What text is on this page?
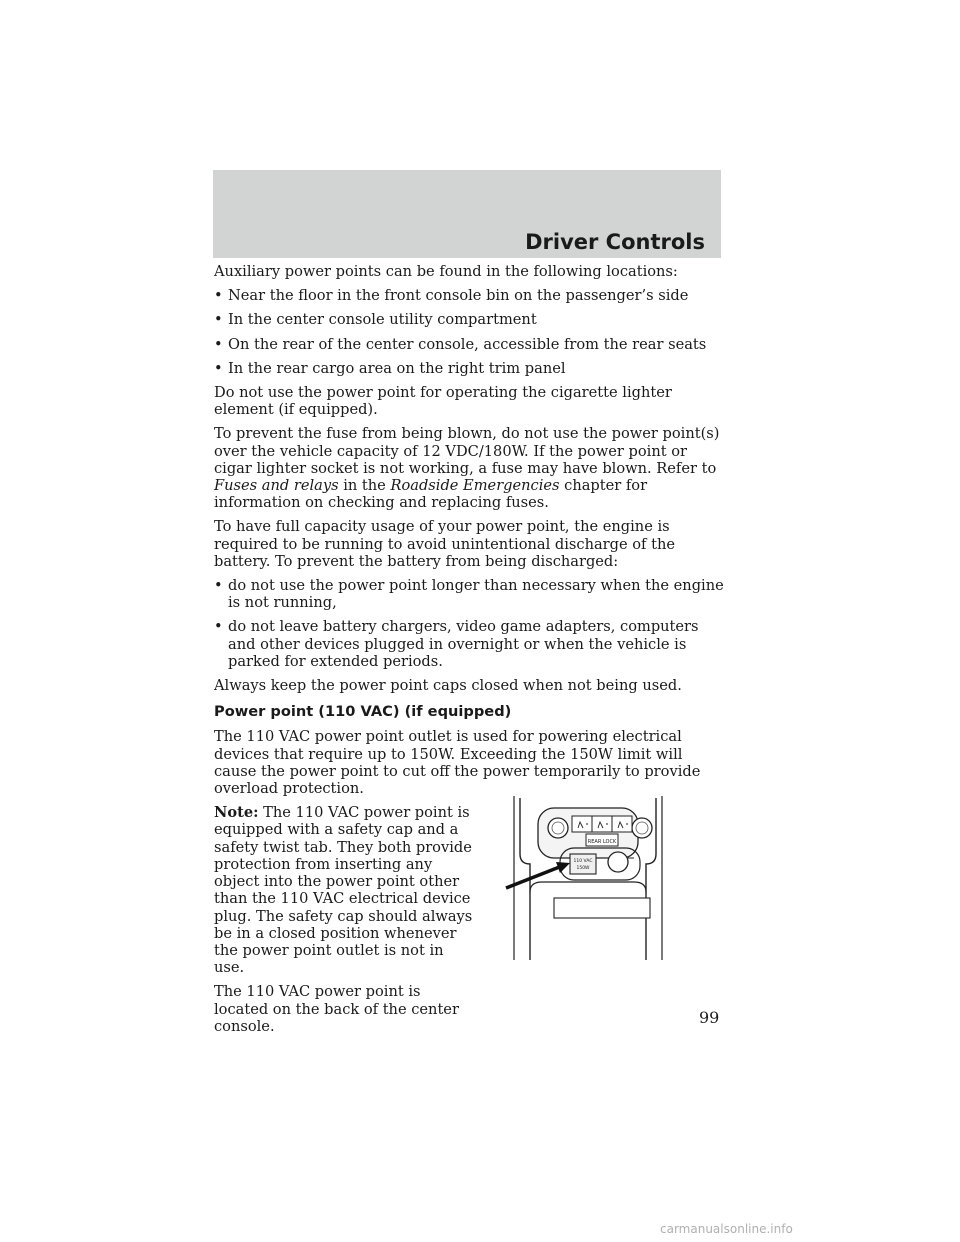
Driver Controls

Auxiliary power points can be found in the following locations:

• Near the floor in the front console bin on the passenger’s side
• In the center console utility compartment
• On the rear of the center console, accessible from the rear seats
• In the rear cargo area on the right trim panel

Do not use the power point for operating the cigarette lighter element (if equipped).

To prevent the fuse from being blown, do not use the power point(s) over the vehicle capacity of 12 VDC/180W. If the power point or cigar lighter socket is not working, a fuse may have blown. Refer to Fuses and relays in the Roadside Emergencies chapter for information on checking and replacing fuses.

To have full capacity usage of your power point, the engine is required to be running to avoid unintentional discharge of the battery. To prevent the battery from being discharged:

• do not use the power point longer than necessary when the engine is not running,
• do not leave battery chargers, video game adapters, computers and other devices plugged in overnight or when the vehicle is parked for extended periods.

Always keep the power point caps closed when not being used.

Power point (110 VAC) (if equipped)

The 110 VAC power point outlet is used for powering electrical devices that require up to 150W. Exceeding the 150W limit will cause the power point to cut off the power temporarily to provide overload protection.

Note: The 110 VAC power point is equipped with a safety cap and a safety twist tab. They both provide protection from inserting any object into the power point other than the 110 VAC electrical device plug. The safety cap should always be in a closed position whenever the power point outlet is not in use.

The 110 VAC power point is located on the back of the center console.

REAR LOCK
110 VAC
150W
99
carmanualsonline.info
